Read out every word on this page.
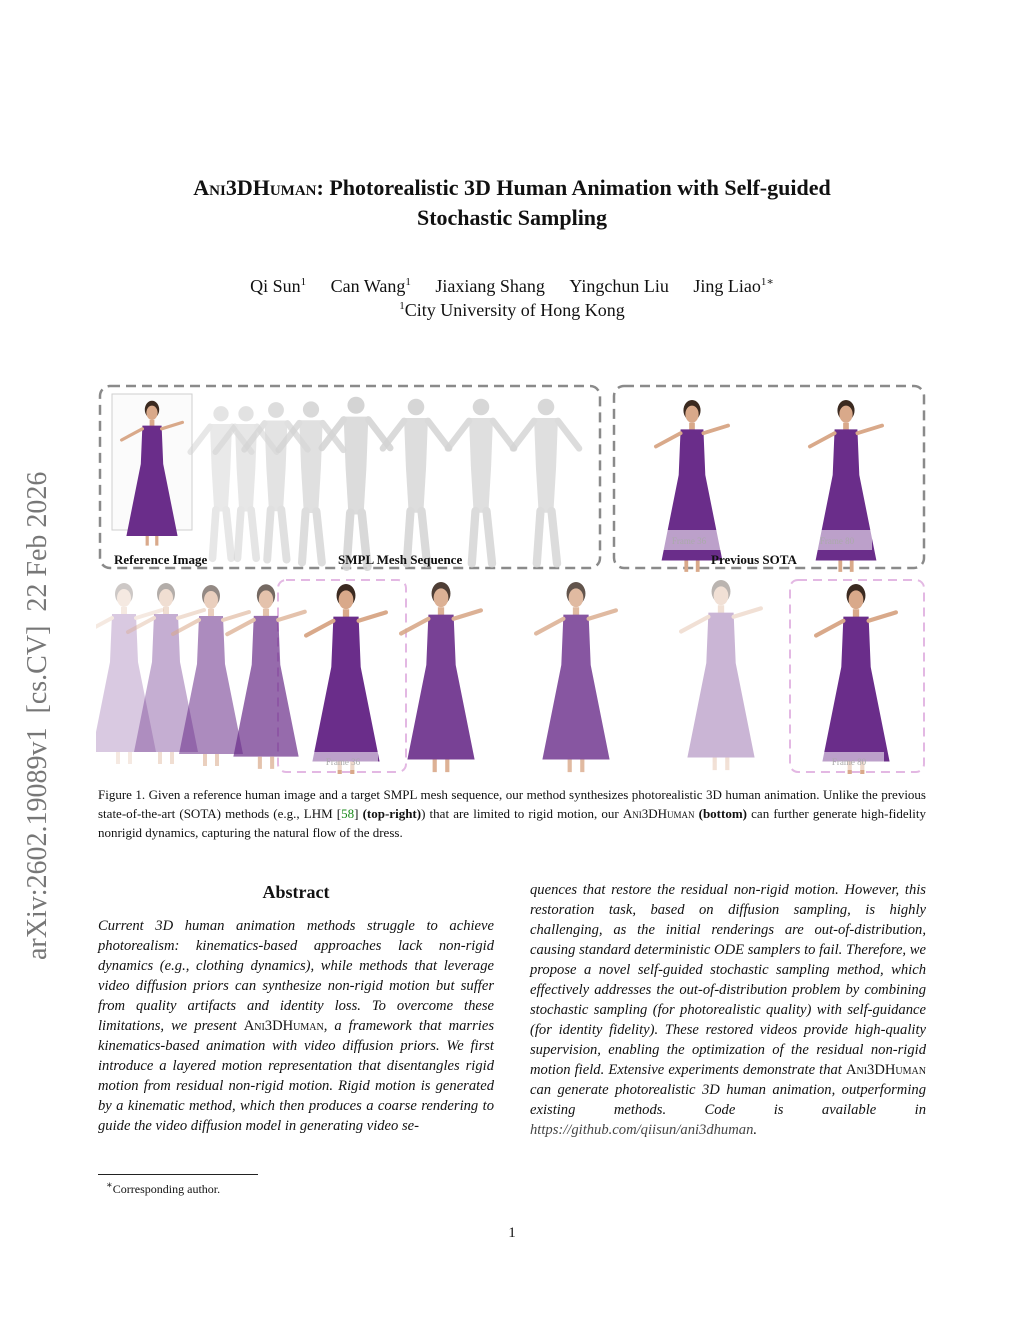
arXiv:2602.19089v1  [cs.CV]  22 Feb 2026
Ani3DHuman: Photorealistic 3D Human Animation with Self-guided
Stochastic Sampling
Qi Sun$^1$ Can Wang$^1$ Jiaxiang Shang Yingchun Liu Jing Liao$^{1∗}$
$^1$City University of Hong Kong
Reference Image	SMPL Mesh Sequence
Frame 36	Frame 80
Previous SOTA
Frame 36	Frame 80
Figure 1. Given a reference human image and a target SMPL mesh sequence, our method synthesizes photorealistic 3D human animation. Unlike the previous state-of-the-art (SOTA) methods (e.g., LHM [58] (top-right)) that are limited to rigid motion, our Ani3DHuman (bottom) can further generate high-fidelity nonrigid dynamics, capturing the natural flow of the dress.
Abstract

Current 3D human animation methods struggle to achieve photorealism: kinematics-based approaches lack non-rigid dynamics (e.g., clothing dynamics), while methods that leverage video diffusion priors can synthesize non-rigid motion but suffer from quality artifacts and identity loss. To overcome these limitations, we present Ani3DHuman, a framework that marries kinematics-based animation with video diffusion priors. We first introduce a layered motion representation that disentangles rigid motion from residual non-rigid motion. Rigid motion is generated by a kinematic method, which then produces a coarse rendering to guide the video diffusion model in generating video se-

quences that restore the residual non-rigid motion. However, this restoration task, based on diffusion sampling, is highly challenging, as the initial renderings are out-of-distribution, causing standard deterministic ODE samplers to fail. Therefore, we propose a novel self-guided stochastic sampling method, which effectively addresses the out-of-distribution problem by combining stochastic sampling (for photorealistic quality) with self-guidance (for identity fidelity). These restored videos provide high-quality supervision, enabling the optimization of the residual non-rigid motion field. Extensive experiments demonstrate that Ani3DHuman can generate photorealistic 3D human animation, outperforming existing methods. Code is available in https://github.com/qiisun/ani3dhuman.

∗Corresponding author.
1
